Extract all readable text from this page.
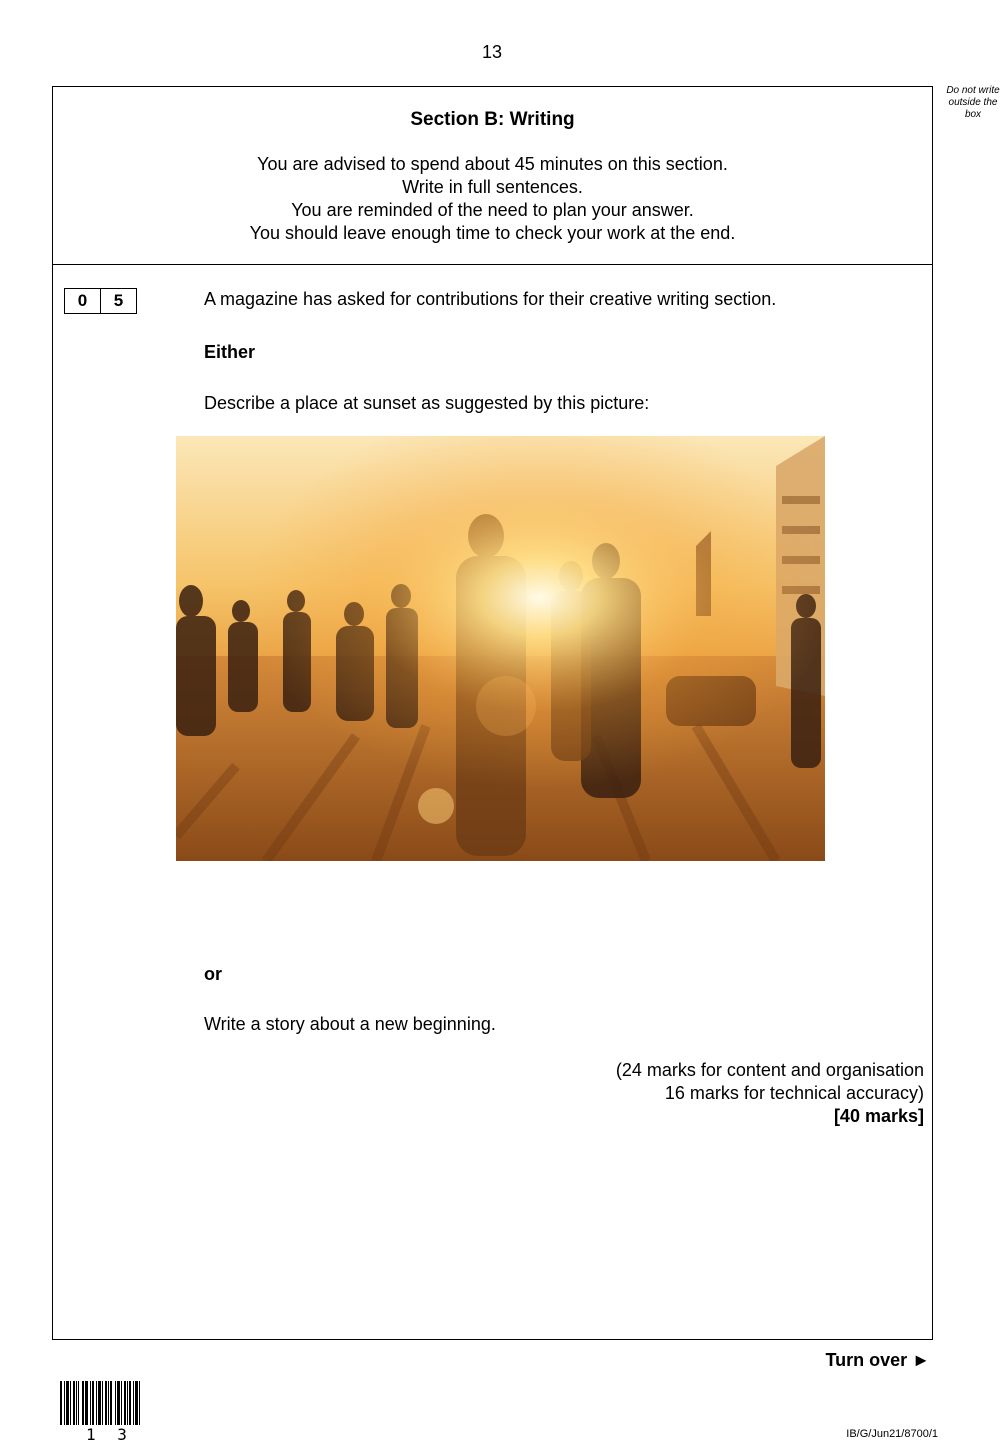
13
Do not write
outside the
box
Section B: Writing
You are advised to spend about 45 minutes on this section.
Write in full sentences.
You are reminded of the need to plan your answer.
You should leave enough time to check your work at the end.
0	5	A magazine has asked for contributions for their creative writing section.
Either
Describe a place at sunset as suggested by this picture:
or
Write a story about a new beginning.
(24 marks for content and organisation
16 marks for technical accuracy)
[40 marks]
Turn over ►
1 3	IB/G/Jun21/8700/1
